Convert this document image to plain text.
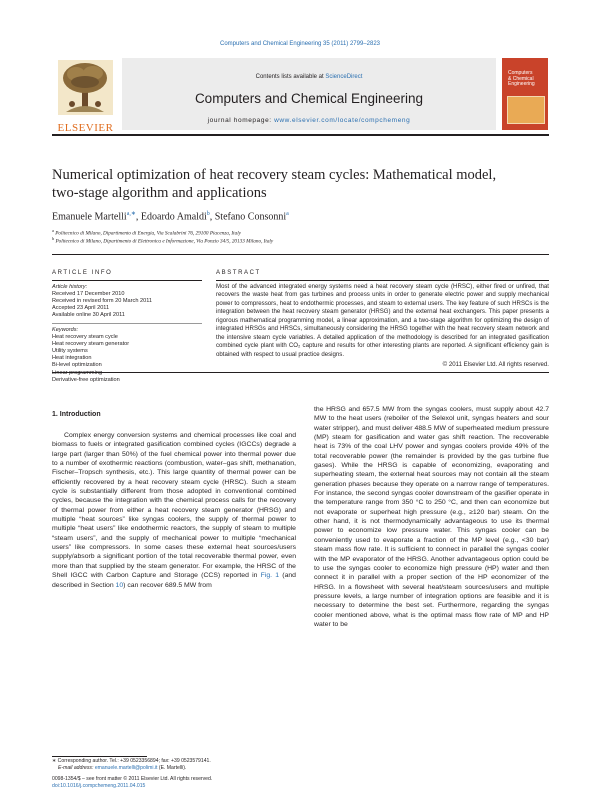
Computers and Chemical Engineering 35 (2011) 2799–2823
ELSEVIER
Contents lists available at ScienceDirect
Computers and Chemical Engineering
journal homepage: www.elsevier.com/locate/compchemeng
Computers
& Chemical
Engineering
Numerical optimization of heat recovery steam cycles: Mathematical model,
two-stage algorithm and applications
Emanuele Martelli$^{a,∗}$, Edoardo Amaldi$^b$, Stefano Consonni$^a$
$^a$ Politecnico di Milano, Dipartimento di Energia, Via Scalabrini 76, 29100 Piacenza, Italy
$^b$ Politecnico di Milano, Dipartimento di Elettronica e Informazione, Via Ponzio 34/5, 20133 Milano, Italy
ARTICLE INFO
Article history:
Received 17 December 2010
Received in revised form 20 March 2011
Accepted 23 April 2011
Available online 30 April 2011
Keywords:
Heat recovery steam cycle
Heat recovery steam generator
Utility systems
Heat integration
Bi-level optimization
Derivative-free optimization
ABSTRACT
Most of the advanced integrated energy systems need a heat recovery steam cycle (HRSC), either fired or unfired, that recovers the waste heat from gas turbines and process units in order to generate electric power and supply mechanical power to compressors, heat to endothermic processes, and steam to external users. The key feature of such HRSCs is the integration between the heat recovery steam generator (HRSG) and the external heat exchangers. This paper presents a rigorous mathematical programming model, a linear approximation, and a two-stage algorithm for optimizing the design of integrated HRSGs and HRSCs, simultaneously considering the HRSG together with the heat recovery steam network and the intensive steam cycle variables. A detailed application of the methodology is described for an integrated gasification combined cycle plant with CO₂ capture and results for other interesting plants are reported. A significant efficiency gain is obtained with respect to usual practice designs.
© 2011 Elsevier Ltd. All rights reserved.
1. Introduction
Complex energy conversion systems and chemical processes like coal and biomass to fuels or integrated gasification combined cycles (IGCCs) degrade a large part (larger than 50%) of the fuel chemical power into thermal power due to a number of exothermic reactions (combustion, water–gas shift, methanation, Fischer–Tropsch synthesis, etc.). This large quantity of thermal power can be efficiently recovered by a heat recovery steam cycle (HRSC). Such a steam cycle is substantially different from those adopted in conventional combined cycles, because the integration with the chemical process calls for the recovery of thermal power from either a heat recovery steam generator (HRSG) and multiple “heat sources” like syngas coolers, the supply of thermal power to multiple “heat users” like endothermic reactors, the supply of steam to multiple “steam users”, and the supply of mechanical power to multiple “mechanical users” like compressors. In some cases these external heat sources/users supply/absorb a significant portion of the total recoverable thermal power, even more than that supplied by the steam generator. For example, the HRSC of the Shell IGCC with Carbon Capture and Storage (CCS) reported in Fig. 1 (and described in Section 10) can recover 689.5 MW from
the HRSG and 657.5 MW from the syngas coolers, must supply about 42.7 MW to the heat users (reboiler of the Selexol unit, syngas heaters and sour water stripper), and must deliver 488.5 MW of superheated medium pressure (MP) steam for gasification and water gas shift reaction. The recoverable heat is 73% of the coal LHV power and syngas coolers provide 49% of the total recoverable power (the remainder is provided by the gas turbine flue gases). While the HRSG is capable of economizing, evaporating and superheating steam, the external heat sources may not contain all the steam generation phases because they operate on a narrow range of temperatures. For instance, the second syngas cooler downstream of the gasifier operate in the temperature range from 350 °C to 250 °C, and then can economize but not evaporate or superheat high pressure (e.g., ≥120 bar) steam. On the other hand, it is not thermodynamically advantageous to use its thermal power to economize low pressure water. This syngas cooler can be conveniently used to evaporate a fraction of the MP level (e.g., <30 bar) steam mass flow rate. It is sufficient to connect in parallel the syngas cooler with the MP evaporator of the HRSG. Another advantageous option could be to use the syngas cooler to economize high pressure (HP) water and then connect it in parallel with a proper section of the HP economizer of the HRSG. In a flowsheet with several heat/steam sources/users and multiple pressure levels, a large number of integration options are feasible and it is necessary to determine the best set. Furthermore, regarding the syngas cooler mentioned above, what is the optimal mass flow rate of MP and HP water to be
∗ Corresponding author. Tel.: +39 0523356894; fax: +39 0523579141.
E-mail address: emanuele.martelli@polimi.it (E. Martelli).
0098-1354/$ – see front matter © 2011 Elsevier Ltd. All rights reserved.
doi:10.1016/j.compchemeng.2011.04.015
